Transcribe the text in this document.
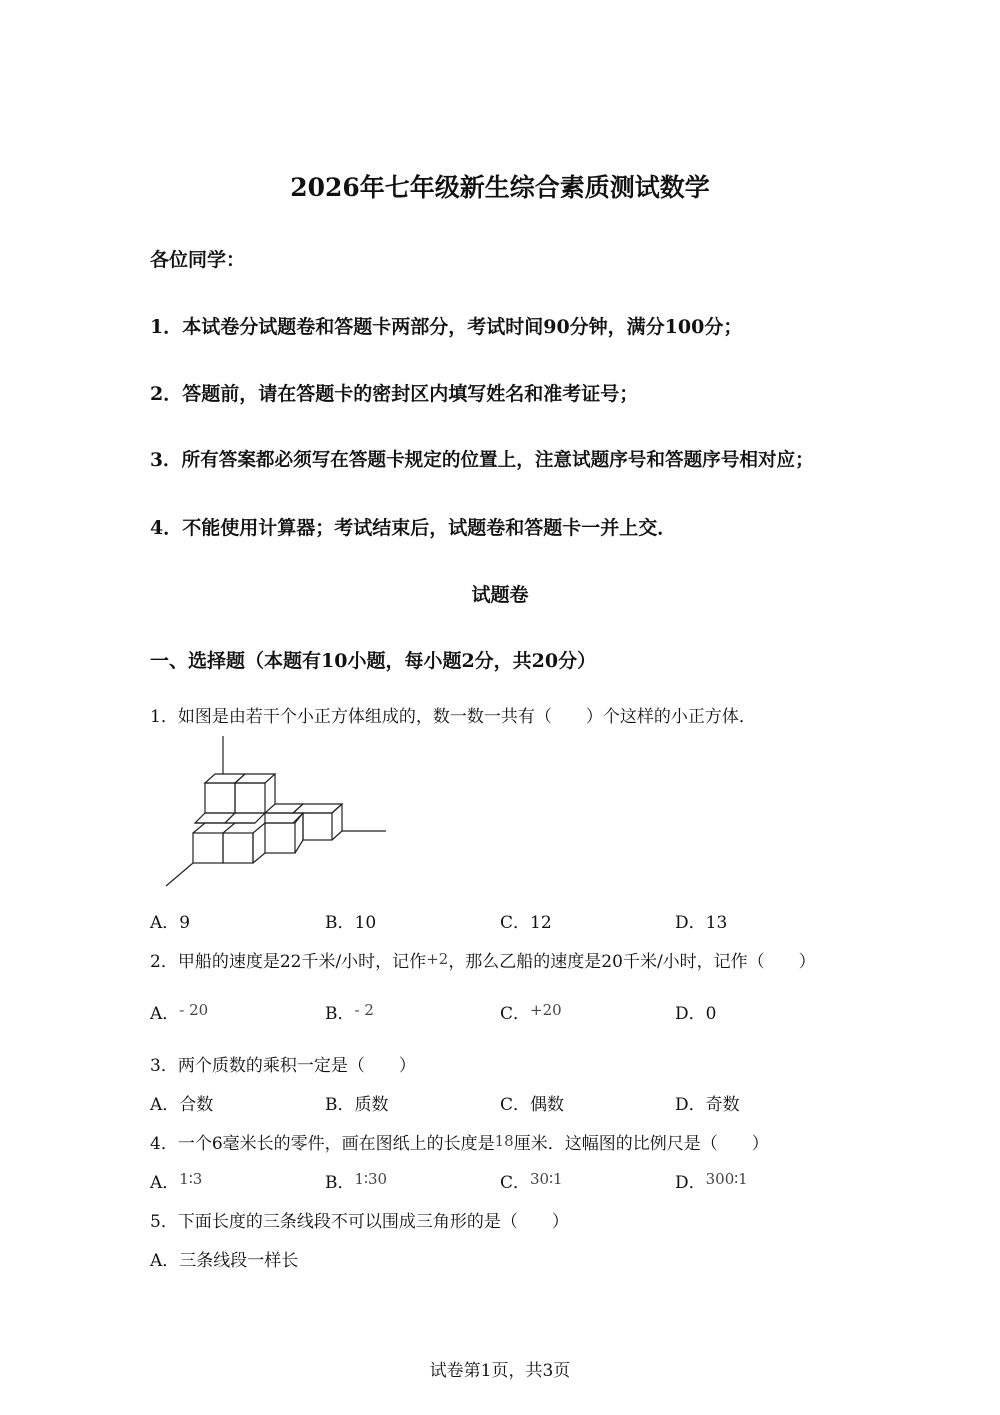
2026年七年级新生综合素质测试数学
各位同学：
1．本试卷分试题卷和答题卡两部分，考试时间90分钟，满分100分；
2．答题前，请在答题卡的密封区内填写姓名和准考证号；
3．所有答案都必须写在答题卡规定的位置上，注意试题序号和答题序号相对应；
4．不能使用计算器；考试结束后，试题卷和答题卡一并上交．
试题卷
一、选择题（本题有10小题，每小题2分，共20分）
1．如图是由若干个小正方体组成的，数一数一共有（　　）个这样的小正方体．
A．9	B．10	C．12	D．13
2．甲船的速度是22千米/小时，记作+2，那么乙船的速度是20千米/小时，记作（　　）
A．- 20	B．- 2	C．+20	D．0
3．两个质数的乘积一定是（　　）
A．合数	B．质数	C．偶数	D．奇数
4．一个6毫米长的零件，画在图纸上的长度是18厘米．这幅图的比例尺是（　　）
A．1∶3	B．1∶30	C．30∶1	D．300∶1
5．下面长度的三条线段不可以围成三角形的是（　　）
A．三条线段一样长
试卷第1页，共3页
